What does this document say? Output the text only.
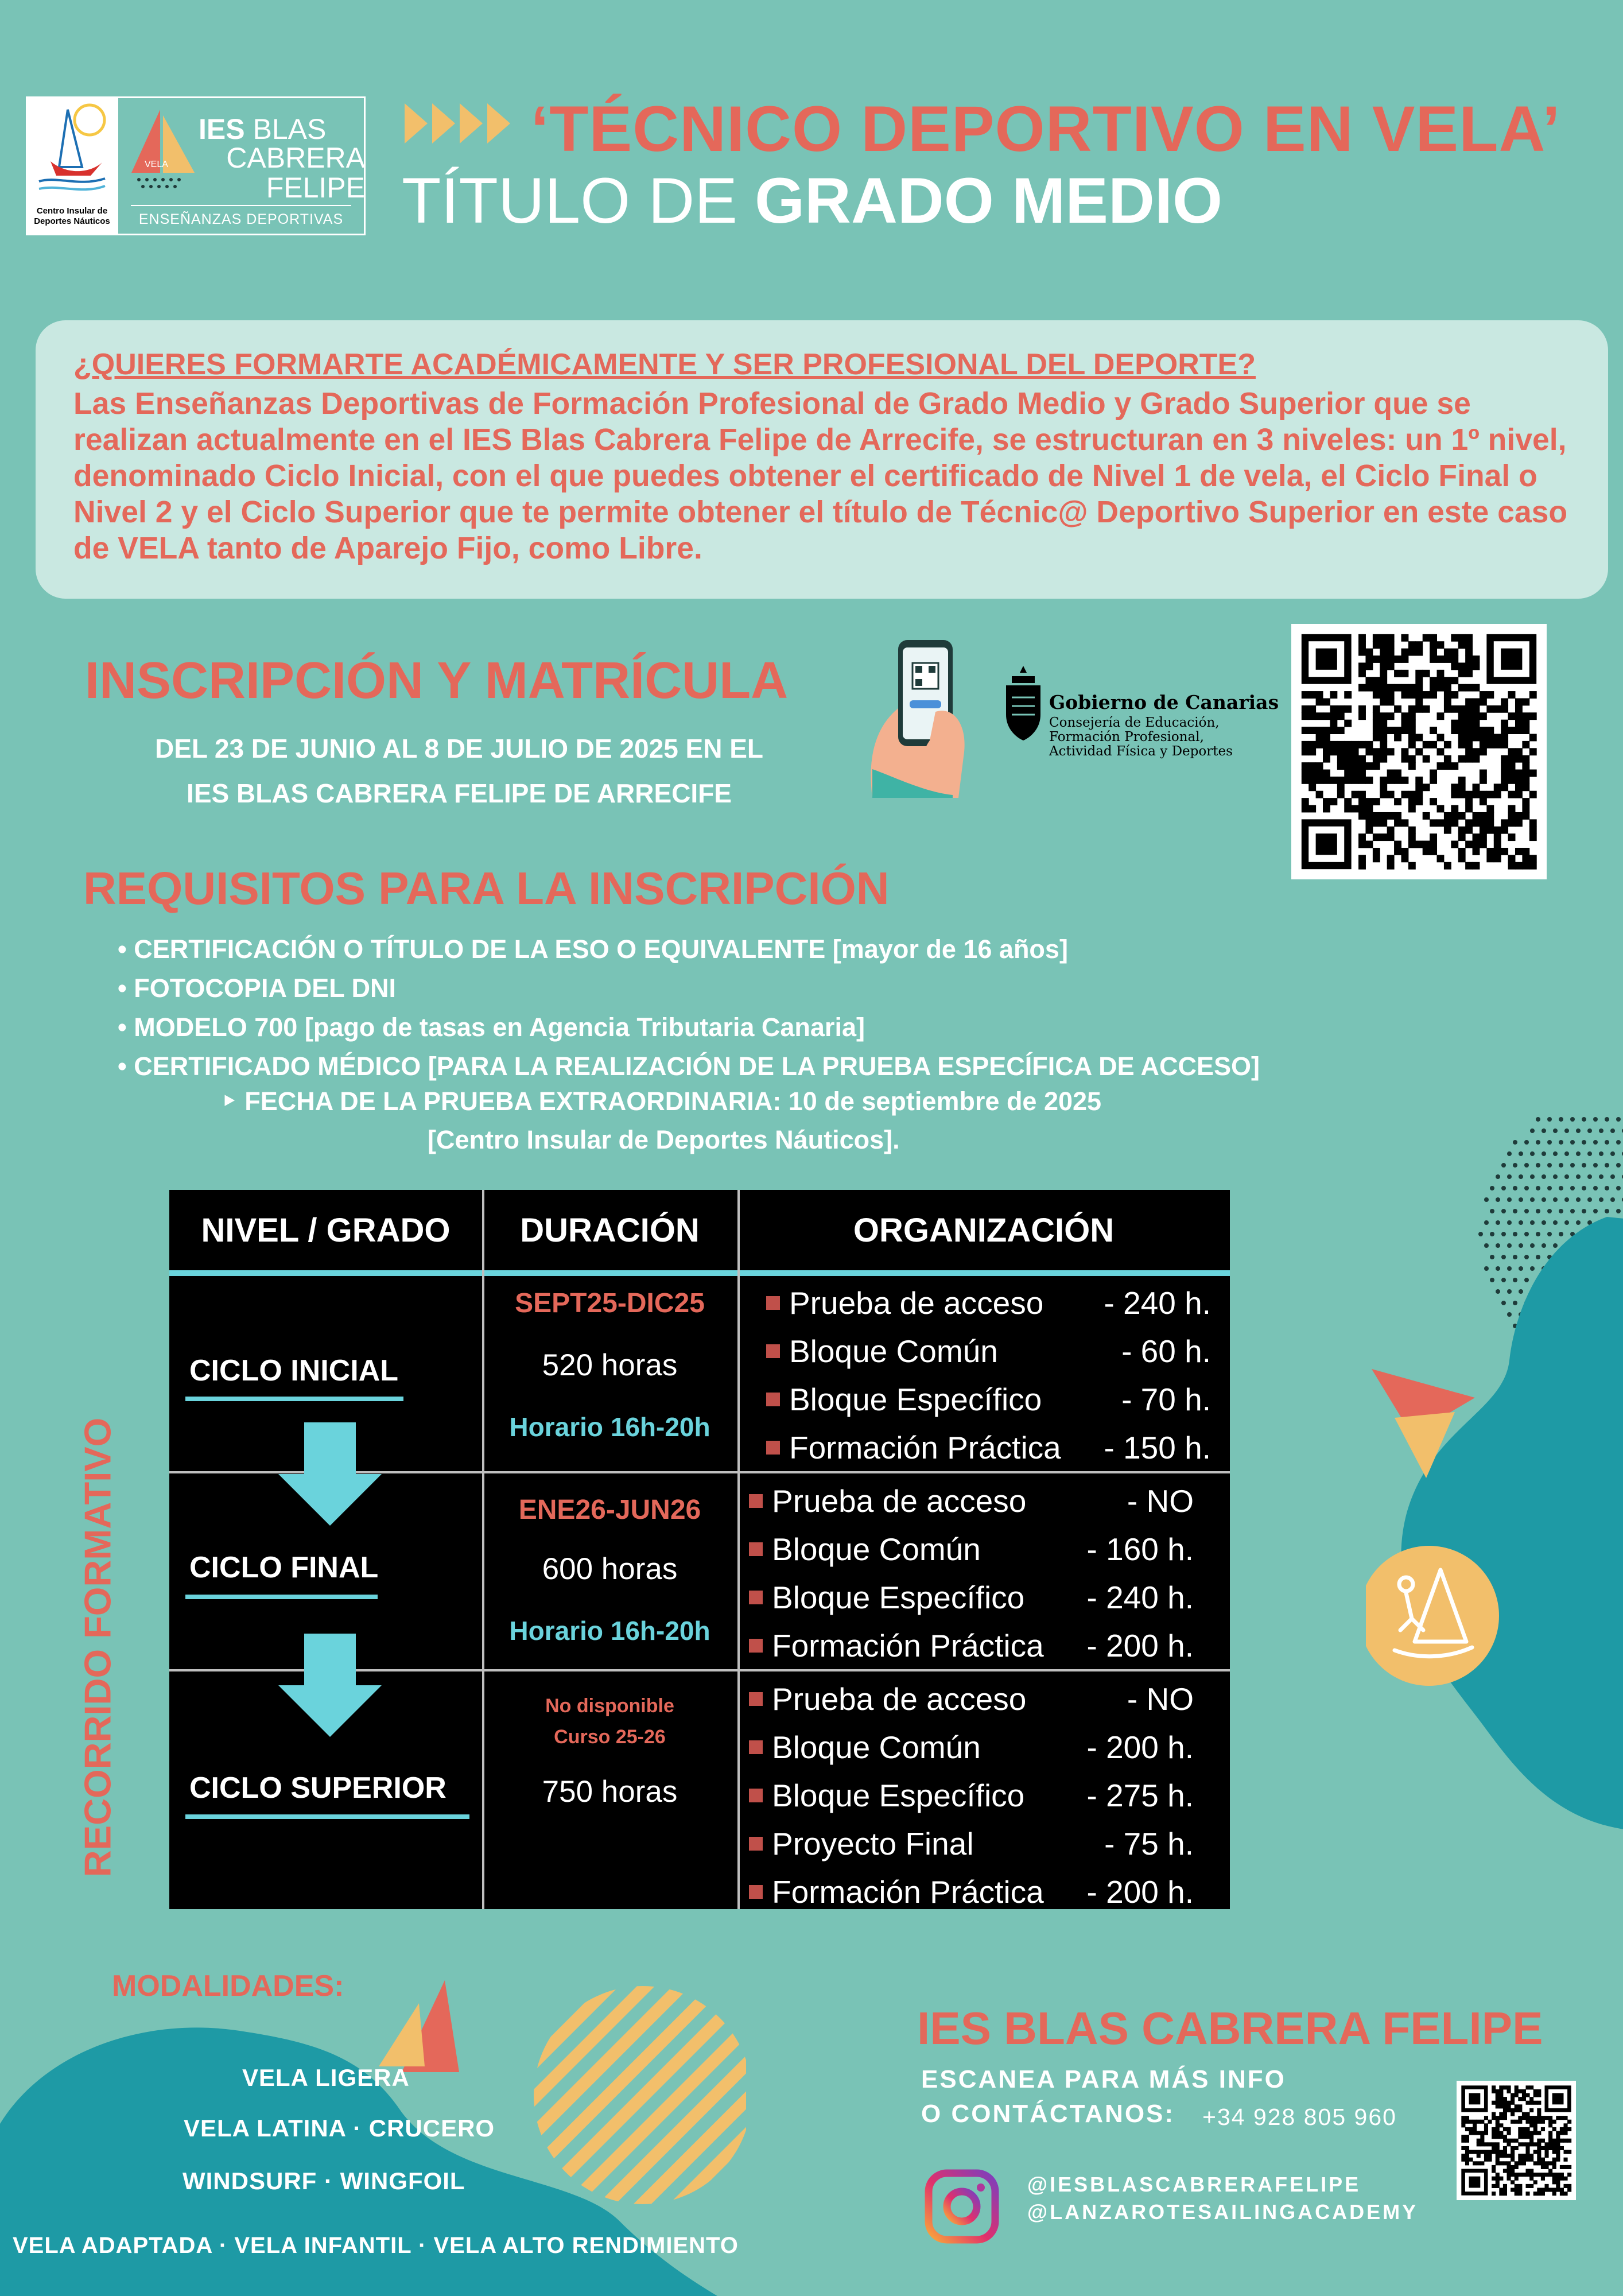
Centro Insular de Deportes Náuticos
VELA
IES BLAS
CABRERA
FELIPE
ENSEÑANZAS DEPORTIVAS
‘TÉCNICO DEPORTIVO EN VELA’
TÍTULO DE GRADO MEDIO
¿QUIERES FORMARTE ACADÉMICAMENTE Y SER PROFESIONAL DEL DEPORTE?
Las Enseñanzas Deportivas de Formación Profesional de Grado Medio y Grado Superior que se realizan actualmente en el IES Blas Cabrera Felipe de Arrecife, se estructuran en 3 niveles: un 1º nivel, denominado Ciclo Inicial, con el que puedes obtener el certificado de Nivel 1 de vela, el Ciclo Final o Nivel 2 y el Ciclo Superior que te permite obtener el título de Técnic@ Deportivo Superior en este caso de VELA tanto de Aparejo Fijo, como Libre.
INSCRIPCIÓN Y MATRÍCULA
DEL 23 DE JUNIO AL 8 DE JULIO DE 2025 EN EL
IES BLAS CABRERA FELIPE DE ARRECIFE
Gobierno de Canarias
Consejería de Educación,
Formación Profesional,
Actividad Física y Deportes
REQUISITOS PARA LA INSCRIPCIÓN
• CERTIFICACIÓN O TÍTULO DE LA ESO O EQUIVALENTE [mayor de 16 años]
• FOTOCOPIA DEL DNI
• MODELO 700 [pago de tasas en Agencia Tributaria Canaria]
• CERTIFICADO MÉDICO [PARA LA REALIZACIÓN DE LA PRUEBA ESPECÍFICA DE ACCESO]
‣ FECHA DE LA PRUEBA EXTRAORDINARIA: 10 de septiembre de 2025
[Centro Insular de Deportes Náuticos].
RECORRIDO FORMATIVO
NIVEL / GRADO	DURACIÓN	ORGANIZACIÓN
CICLO INICIAL
SEPT25-DIC25
520 horas
Horario 16h-20h
Prueba de acceso - 240 h.
Bloque Común	- 60 h.
Bloque Específico	- 70 h.
Formación Práctica - 150 h.
CICLO FINAL
ENE26-JUN26
600 horas
Horario 16h-20h
Prueba de acceso	- NO
Bloque Común	- 160 h.
Bloque Específico - 240 h.
Formación Práctica - 200 h.
CICLO SUPERIOR
No disponible
Curso 25-26
750 horas
Prueba de acceso	- NO
Bloque Común	- 200 h.
Bloque Específico - 275 h.
Proyecto Final	- 75 h.
Formación Práctica - 200 h.
MODALIDADES:
VELA LIGERA
VELA LATINA · CRUCERO
WINDSURF · WINGFOIL
VELA ADAPTADA · VELA INFANTIL · VELA ALTO RENDIMIENTO
IES BLAS CABRERA FELIPE
ESCANEA PARA MÁS INFO
O CONTÁCTANOS: +34 928 805 960
@IESBLASCABRERAFELIPE
@LANZAROTESAILINGACADEMY
